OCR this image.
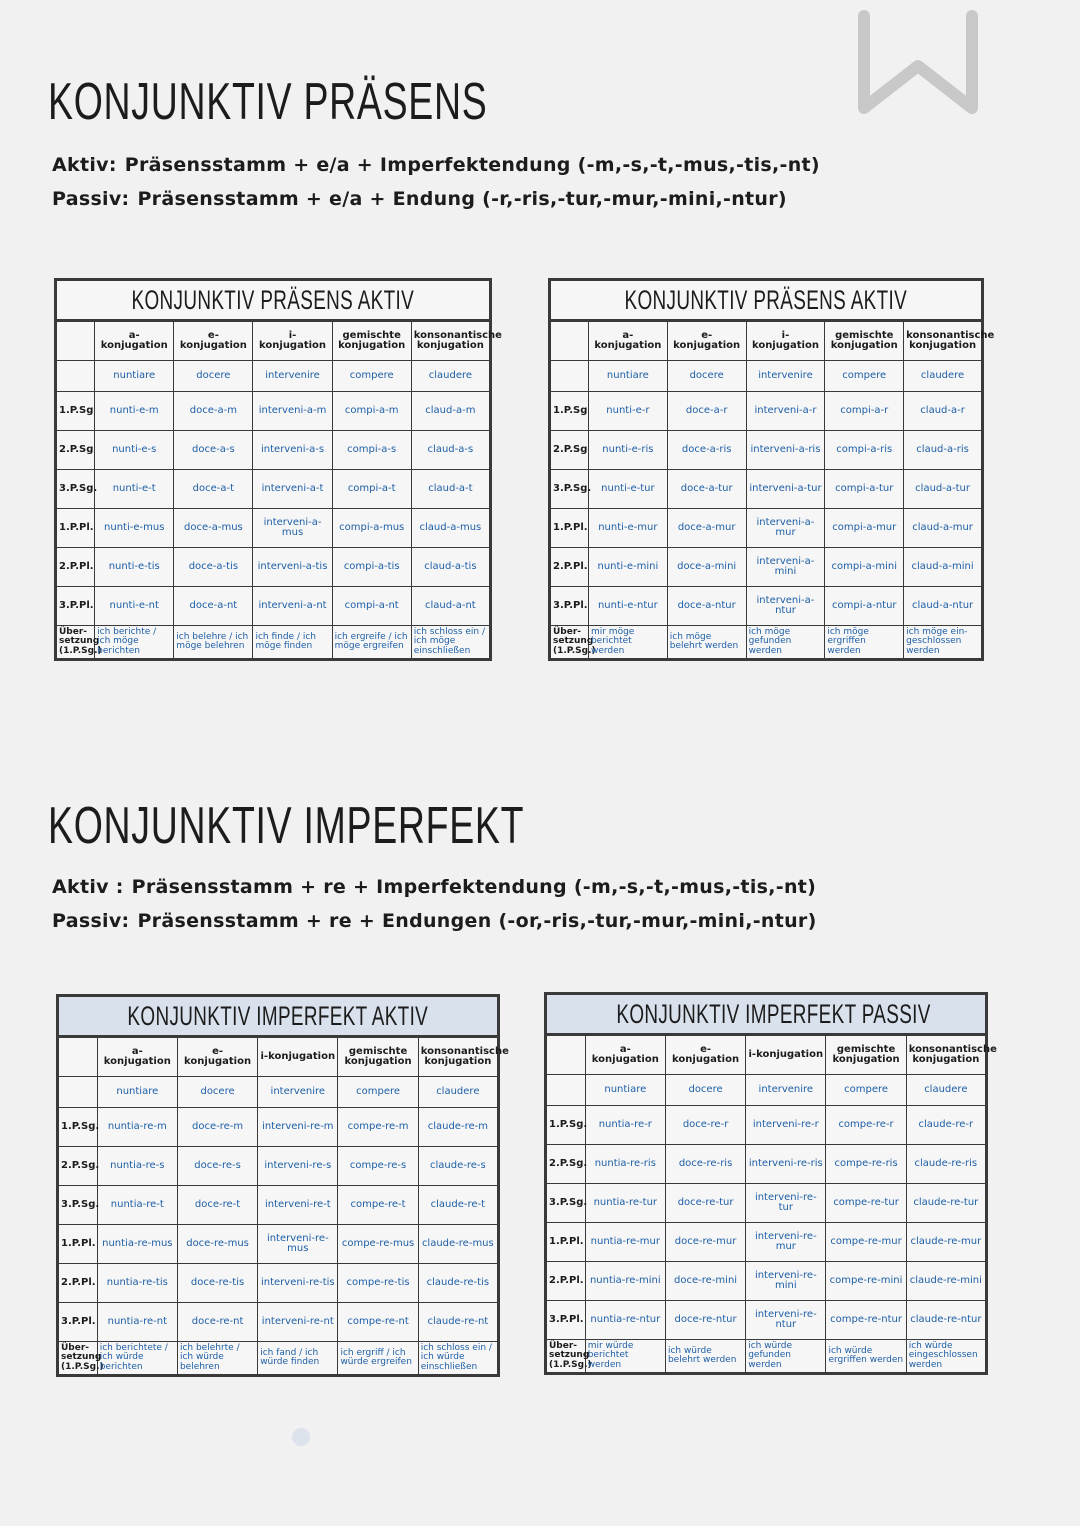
KONJUNKTIV PRÄSENS
Aktiv: Präsensstamm + e/a + Imperfektendung (-m,-s,-t,-mus,-tis,-nt)
Passiv: Präsensstamm + e/a + Endung (-r,-ris,-tur,-mur,-mini,-ntur)
KONJUNKTIV PRÄSENS AKTIV					
	a-konjugation	e-konjugation	i-konjugation	gemischte konjugation	konsonantische konjugation
	nuntiare	docere	intervenire	compere	claudere
1.P.Sg	nunti-e-m	doce-a-m	interveni-a-m	compi-a-m	claud-a-m
2.P.Sg	nunti-e-s	doce-a-s	interveni-a-s	compi-a-s	claud-a-s
3.P.Sg.	nunti-e-t	doce-a-t	interveni-a-t	compi-a-t	claud-a-t
1.P.Pl.	nunti-e-mus	doce-a-mus	interveni-a-mus	compi-a-mus	claud-a-mus
2.P.Pl.	nunti-e-tis	doce-a-tis	interveni-a-tis	compi-a-tis	claud-a-tis
3.P.Pl.	nunti-e-nt	doce-a-nt	interveni-a-nt	compi-a-nt	claud-a-nt
Über-setzung (1.P.Sg.)	ich berichte / ich möge berichten	ich belehre / ich möge belehren	ich finde / ich möge finden	ich ergreife / ich möge ergreifen	ich schloss ein / ich möge einschließen
KONJUNKTIV PRÄSENS AKTIV					
	a-konjugation	e-konjugation	i-konjugation	gemischte konjugation	konsonantische konjugation
	nuntiare	docere	intervenire	compere	claudere
1.P.Sg	nunti-e-r	doce-a-r	interveni-a-r	compi-a-r	claud-a-r
2.P.Sg	nunti-e-ris	doce-a-ris	interveni-a-ris	compi-a-ris	claud-a-ris
3.P.Sg.	nunti-e-tur	doce-a-tur	interveni-a-tur	compi-a-tur	claud-a-tur
1.P.Pl.	nunti-e-mur	doce-a-mur	interveni-a-mur	compi-a-mur	claud-a-mur
2.P.Pl.	nunti-e-mini	doce-a-mini	interveni-a-mini	compi-a-mini	claud-a-mini
3.P.Pl.	nunti-e-ntur	doce-a-ntur	interveni-a-ntur	compi-a-ntur	claud-a-ntur
Über-setzung (1.P.Sg.)	mir möge berichtet werden	ich möge belehrt werden	ich möge gefunden werden	ich möge ergriffen werden	ich möge ein-geschlossen werden
KONJUNKTIV IMPERFEKT
Aktiv : Präsensstamm + re + Imperfektendung (-m,-s,-t,-mus,-tis,-nt)
Passiv: Präsensstamm + re + Endungen (-or,-ris,-tur,-mur,-mini,-ntur)
KONJUNKTIV IMPERFEKT AKTIV					
	a-konjugation	e-konjugation	i-konjugation	gemischte konjugation	konsonantische konjugation
	nuntiare	docere	intervenire	compere	claudere
1.P.Sg.	nuntia-re-m	doce-re-m	interveni-re-m	compe-re-m	claude-re-m
2.P.Sg.	nuntia-re-s	doce-re-s	interveni-re-s	compe-re-s	claude-re-s
3.P.Sg.	nuntia-re-t	doce-re-t	interveni-re-t	compe-re-t	claude-re-t
1.P.Pl.	nuntia-re-mus	doce-re-mus	interveni-re-mus	compe-re-mus	claude-re-mus
2.P.Pl.	nuntia-re-tis	doce-re-tis	interveni-re-tis	compe-re-tis	claude-re-tis
3.P.Pl.	nuntia-re-nt	doce-re-nt	interveni-re-nt	compe-re-nt	claude-re-nt
Über-setzung (1.P.Sg.)	ich berichtete / ich würde berichten	ich belehrte / ich würde belehren	ich fand / ich würde finden	ich ergriff / ich würde ergreifen	ich schloss ein / ich würde einschließen
KONJUNKTIV IMPERFEKT PASSIV					
	a-konjugation	e-konjugation	i-konjugation	gemischte konjugation	konsonantische konjugation
	nuntiare	docere	intervenire	compere	claudere
1.P.Sg.	nuntia-re-r	doce-re-r	interveni-re-r	compe-re-r	claude-re-r
2.P.Sg.	nuntia-re-ris	doce-re-ris	interveni-re-ris	compe-re-ris	claude-re-ris
3.P.Sg.	nuntia-re-tur	doce-re-tur	interveni-re-tur	compe-re-tur	claude-re-tur
1.P.Pl.	nuntia-re-mur	doce-re-mur	interveni-re-mur	compe-re-mur	claude-re-mur
2.P.Pl.	nuntia-re-mini	doce-re-mini	interveni-re-mini	compe-re-mini	claude-re-mini
3.P.Pl.	nuntia-re-ntur	doce-re-ntur	interveni-re-ntur	compe-re-ntur	claude-re-ntur
Über-setzung (1.P.Sg.)	mir würde berichtet werden	ich würde belehrt werden	ich würde gefunden werden	ich würde ergriffen werden	ich würde eingeschlossen werden
